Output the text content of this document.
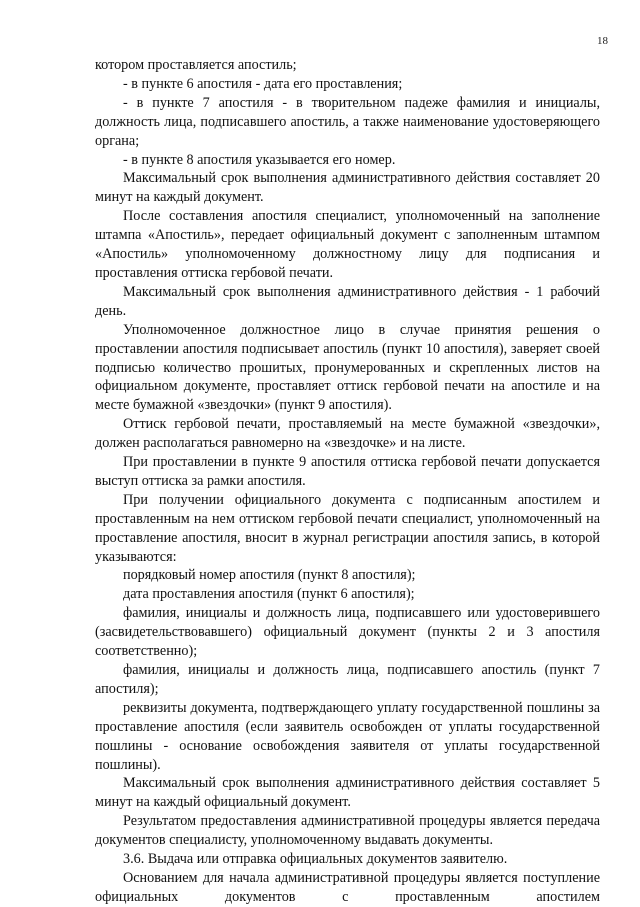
18

котором проставляется апостиль;

- в пункте 6 апостиля - дата его проставления;

- в пункте 7 апостиля - в творительном падеже фамилия и инициалы, должность лица, подписавшего апостиль, а также наименование удостоверяющего органа;

- в пункте 8 апостиля указывается его номер.

Максимальный срок выполнения административного действия составляет 20 минут на каждый документ.

После составления апостиля специалист, уполномоченный на заполнение штампа «Апостиль», передает официальный документ с заполненным штампом «Апостиль» уполномоченному должностному лицу для подписания и проставления оттиска гербовой печати.

Максимальный срок выполнения административного действия - 1 рабочий день.

Уполномоченное должностное лицо в случае принятия решения о проставлении апостиля подписывает апостиль (пункт 10 апостиля), заверяет своей подписью количество прошитых, пронумерованных и скрепленных листов на официальном документе, проставляет оттиск гербовой печати на апостиле и на месте бумажной «звездочки» (пункт 9 апостиля).

Оттиск гербовой печати, проставляемый на месте бумажной «звездочки», должен располагаться равномерно на «звездочке» и на листе.

При проставлении в пункте 9 апостиля оттиска гербовой печати допускается выступ оттиска за рамки апостиля.

При получении официального документа с подписанным апостилем и проставленным на нем оттиском гербовой печати специалист, уполномоченный на проставление апостиля, вносит в журнал регистрации апостиля запись, в которой указываются:

порядковый номер апостиля (пункт 8 апостиля);

дата проставления апостиля (пункт 6 апостиля);

фамилия, инициалы и должность лица, подписавшего или удостоверившего (засвидетельствовавшего) официальный документ (пункты 2 и 3 апостиля соответственно);

фамилия, инициалы и должность лица, подписавшего апостиль (пункт 7 апостиля);

реквизиты документа, подтверждающего уплату государственной пошлины за проставление апостиля (если заявитель освобожден от уплаты государственной пошлины - основание освобождения заявителя от уплаты государственной пошлины).

Максимальный срок выполнения административного действия составляет 5 минут на каждый официальный документ.

Результатом предоставления административной процедуры является передача документов специалисту, уполномоченному выдавать документы.

3.6. Выдача или отправка официальных документов заявителю.

Основанием для начала административной процедуры является поступление официальных документов с проставленным апостилем
